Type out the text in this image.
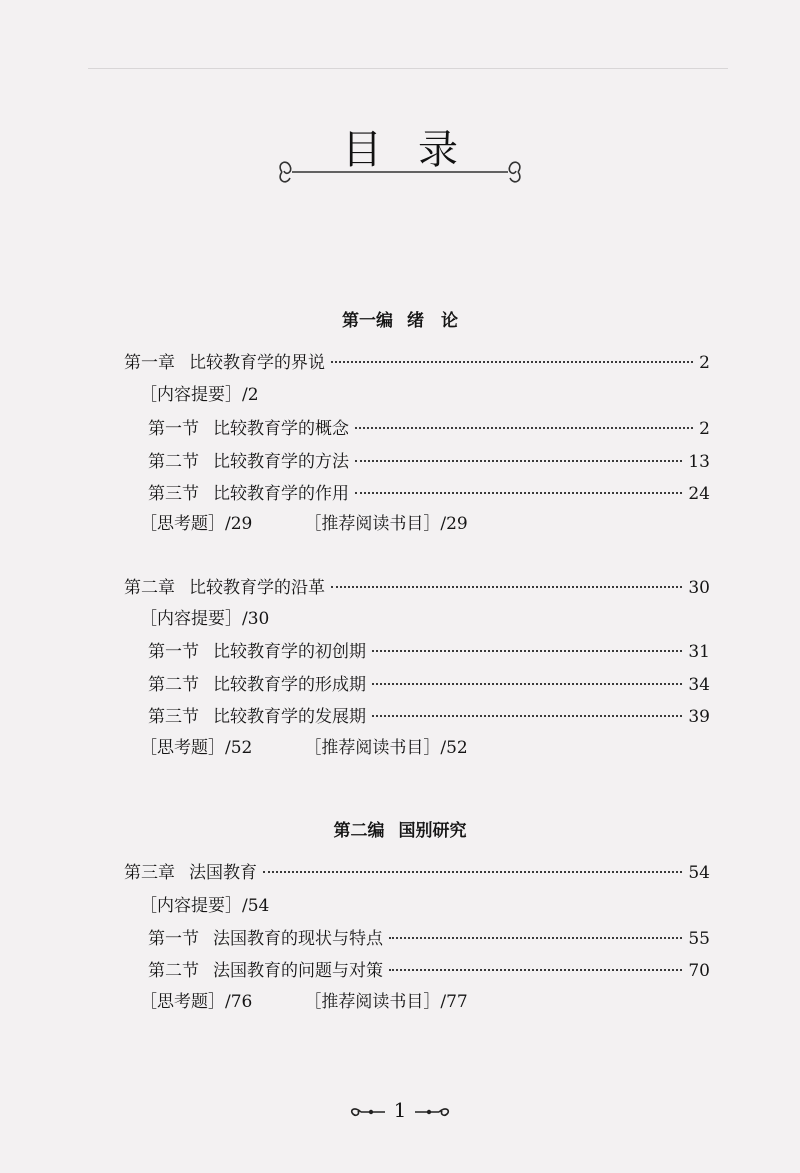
目录
第一编 绪　论
第一章 比较教育学的界说	2
［内容提要］/2
第一节 比较教育学的概念	2
第二节 比较教育学的方法	13
第三节 比较教育学的作用	24
［思考题］/29	［推荐阅读书目］/29
第二章 比较教育学的沿革	30
［内容提要］/30
第一节 比较教育学的初创期	31
第二节 比较教育学的形成期	34
第三节 比较教育学的发展期	39
［思考题］/52	［推荐阅读书目］/52
第二编 国别研究
第三章 法国教育	54
［内容提要］/54
第一节 法国教育的现状与特点	55
第二节 法国教育的问题与对策	70
［思考题］/76	［推荐阅读书目］/77
1
